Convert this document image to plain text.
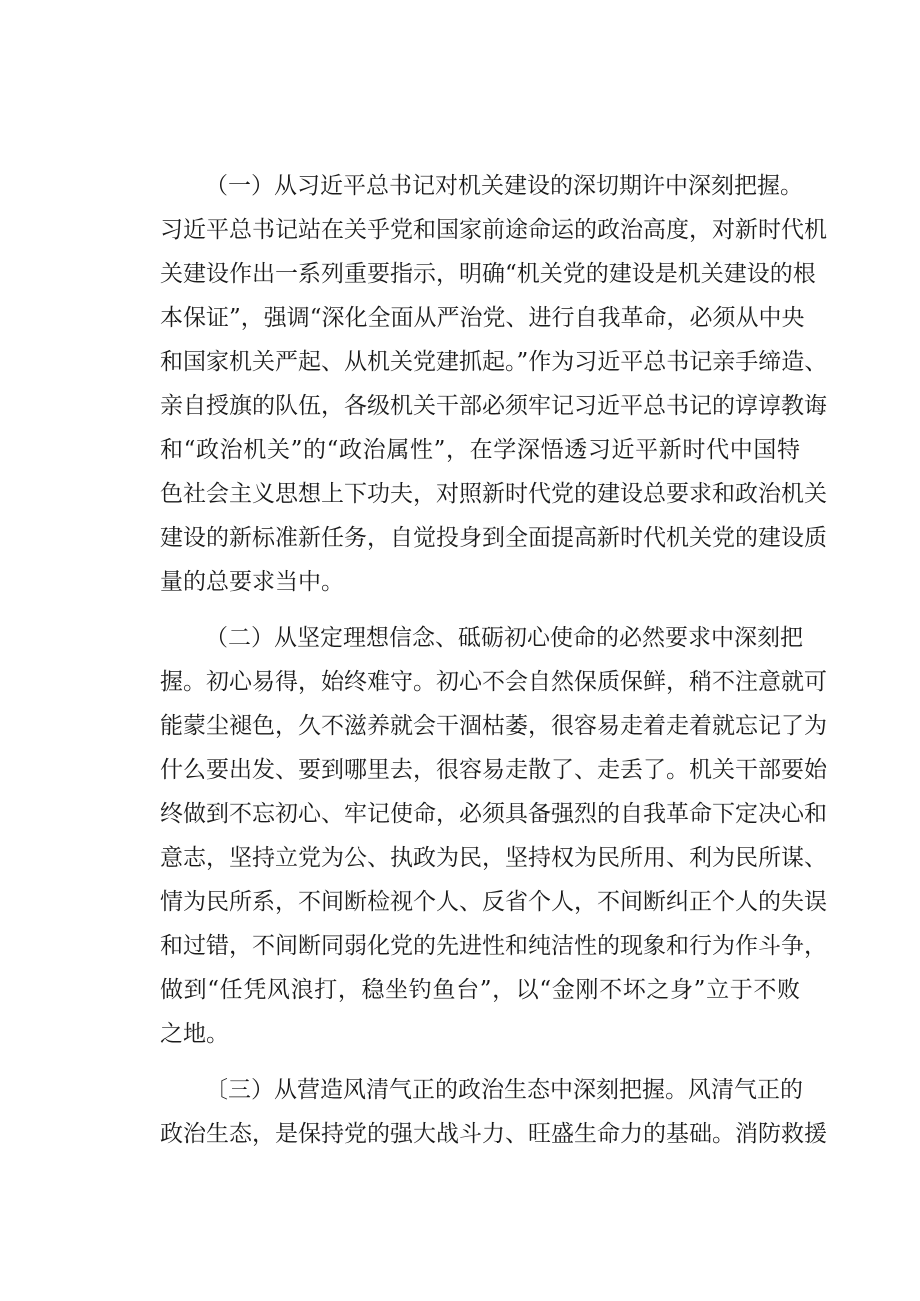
（一）从习近平总书记对机关建设的深切期许中深刻把握。
习近平总书记站在关乎党和国家前途命运的政治高度，对新时代机
关建设作出一系列重要指示，明确“机关党的建设是机关建设的根
本保证”，强调“深化全面从严治党、进行自我革命，必须从中央
和国家机关严起、从机关党建抓起。”作为习近平总书记亲手缔造、
亲自授旗的队伍，各级机关干部必须牢记习近平总书记的谆谆教诲
和“政治机关”的“政治属性”，在学深悟透习近平新时代中国特
色社会主义思想上下功夫，对照新时代党的建设总要求和政治机关
建设的新标准新任务，自觉投身到全面提高新时代机关党的建设质
量的总要求当中。
（二）从坚定理想信念、砥砺初心使命的必然要求中深刻把
握。初心易得，始终难守。初心不会自然保质保鲜，稍不注意就可
能蒙尘褪色，久不滋养就会干涸枯萎，很容易走着走着就忘记了为
什么要出发、要到哪里去，很容易走散了、走丢了。机关干部要始
终做到不忘初心、牢记使命，必须具备强烈的自我革命下定决心和
意志，坚持立党为公、执政为民，坚持权为民所用、利为民所谋、
情为民所系，不间断检视个人、反省个人，不间断纠正个人的失误
和过错，不间断同弱化党的先进性和纯洁性的现象和行为作斗争，
做到“任凭风浪打，稳坐钓鱼台”，以“金刚不坏之身”立于不败
之地。
〔三）从营造风清气正的政治生态中深刻把握。风清气正的
政治生态，是保持党的强大战斗力、旺盛生命力的基础。消防救援
